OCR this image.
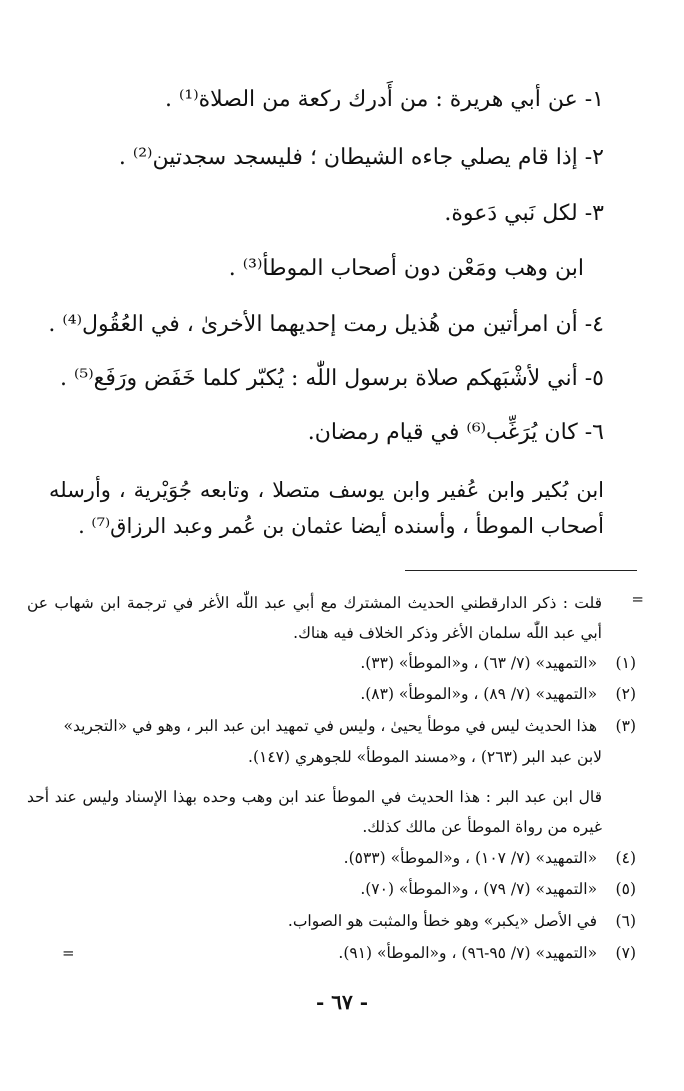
١- عن أبي هريرة : من أَدرك ركعة من الصلاة⁽¹⁾ .
٢- إذا قام يصلي جاءه الشيطان ؛ فليسجد سجدتين⁽²⁾ .
٣- لكل نَبي دَعوة.
ابن وهب ومَعْن دون أصحاب الموطأ⁽³⁾ .
٤- أن امرأتين من هُذيل رمت إحديهما الأخرىٰ ، في العُقُول⁽⁴⁾ .
٥- أني لأشْبَهكم صلاة برسول اللّٰه : يُكبّر كلما خَفَض ورَفَع⁽⁵⁾ .
٦- كان يُرَغِّب⁽⁶⁾ في قيام رمضان.
ابن بُكير وابن عُفير وابن يوسف متصلا ، وتابعه جُوَيْرية ، وأرسله أصحاب الموطأ ، وأسنده أيضا عثمان بن عُمر وعبد الرزاق⁽⁷⁾ .
=
قلت : ذكر الدارقطني الحديث المشترك مع أبي عبد اللّٰه الأغر في ترجمة ابن شهاب عن أبي عبد اللّٰه سلمان الأغر وذكر الخلاف فيه هناك.
(١) «التمهيد» (٧/ ٦٣) ، و«الموطأ» (٣٣).
(٢) «التمهيد» (٧/ ٨٩) ، و«الموطأ» (٨٣).
(٣) هذا الحديث ليس في موطأ يحيىٰ ، وليس في تمهيد ابن عبد البر ، وهو في «التجريد»
لابن عبد البر (٢٦٣) ، و«مسند الموطأ» للجوهري (١٤٧).
قال ابن عبد البر : هذا الحديث في الموطأ عند ابن وهب وحده بهذا الإسناد وليس عند أحد غيره من رواة الموطأ عن مالك كذلك.
(٤) «التمهيد» (٧/ ١٠٧) ، و«الموطأ» (٥٣٣).
(٥) «التمهيد» (٧/ ٧٩) ، و«الموطأ» (٧٠).
(٦) في الأصل «يكبر» وهو خطأ والمثبت هو الصواب.
(٧) «التمهيد» (٧/ ٩٥-٩٦) ، و«الموطأ» (٩١).
=
- ٦٧ -
